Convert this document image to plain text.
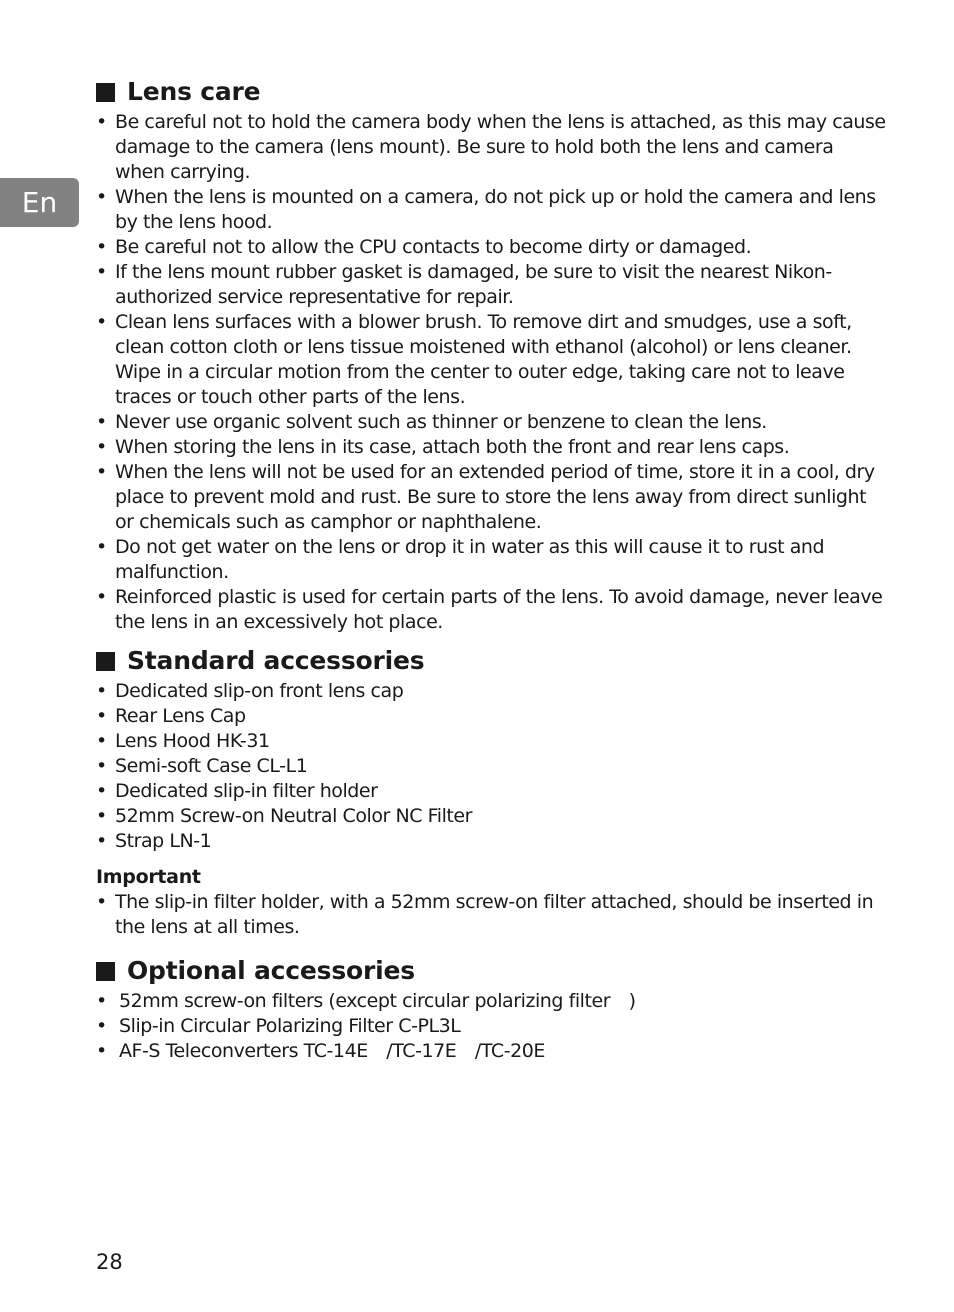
En
Lens care
• Be careful not to hold the camera body when the lens is attached, as this may cause damage to the camera (lens mount). Be sure to hold both the lens and camera when carrying.
• When the lens is mounted on a camera, do not pick up or hold the camera and lens by the lens hood.
• Be careful not to allow the CPU contacts to become dirty or damaged.
• If the lens mount rubber gasket is damaged, be sure to visit the nearest Nikon-authorized service representative for repair.
• Clean lens surfaces with a blower brush. To remove dirt and smudges, use a soft, clean cotton cloth or lens tissue moistened with ethanol (alcohol) or lens cleaner. Wipe in a circular motion from the center to outer edge, taking care not to leave traces or touch other parts of the lens.
• Never use organic solvent such as thinner or benzene to clean the lens.
• When storing the lens in its case, attach both the front and rear lens caps.
• When the lens will not be used for an extended period of time, store it in a cool, dry place to prevent mold and rust. Be sure to store the lens away from direct sunlight or chemicals such as camphor or naphthalene.
• Do not get water on the lens or drop it in water as this will cause it to rust and malfunction.
• Reinforced plastic is used for certain parts of the lens. To avoid damage, never leave the lens in an excessively hot place.
Standard accessories
• Dedicated slip-on front lens cap
• Rear Lens Cap
• Lens Hood HK-31
• Semi-soft Case CL-L1
• Dedicated slip-in filter holder
• 52mm Screw-on Neutral Color NC Filter
• Strap LN-1
Important
• The slip-in filter holder, with a 52mm screw-on filter attached, should be inserted in the lens at all times.
Optional accessories
• 52mm screw-on filters (except circular polarizing filter )
• Slip-in Circular Polarizing Filter C-PL3L
• AF-S Teleconverters TC-14E /TC-17E /TC-20E
28
